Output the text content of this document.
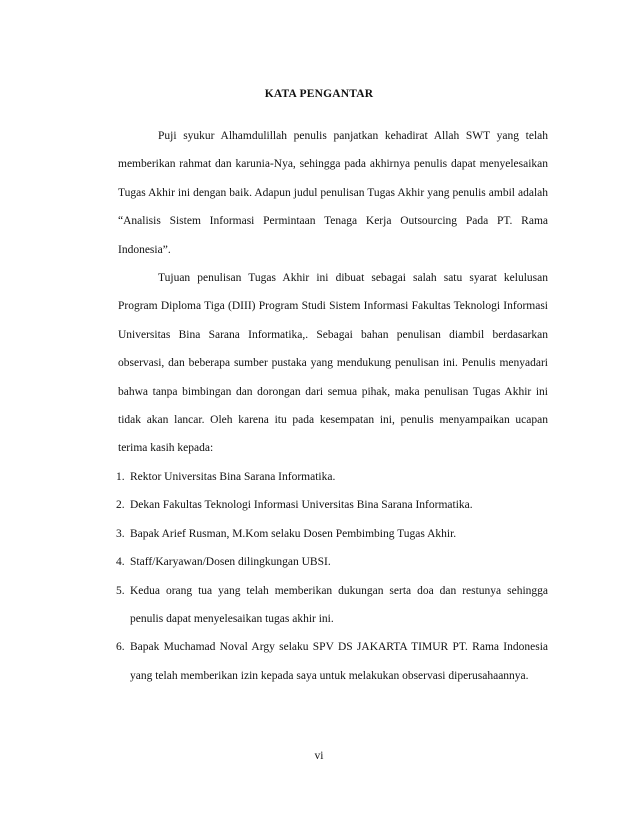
KATA PENGANTAR

Puji syukur Alhamdulillah penulis panjatkan kehadirat Allah SWT yang telah memberikan rahmat dan karunia-Nya, sehingga pada akhirnya penulis dapat menyelesaikan Tugas Akhir ini dengan baik. Adapun judul penulisan Tugas Akhir yang penulis ambil adalah “Analisis Sistem Informasi Permintaan Tenaga Kerja Outsourcing Pada PT. Rama Indonesia”.

Tujuan penulisan Tugas Akhir ini dibuat sebagai salah satu syarat kelulusan Program Diploma Tiga (DIII) Program Studi Sistem Informasi Fakultas Teknologi Informasi Universitas Bina Sarana Informatika,. Sebagai bahan penulisan diambil berdasarkan observasi, dan beberapa sumber pustaka yang mendukung penulisan ini. Penulis menyadari bahwa tanpa bimbingan dan dorongan dari semua pihak, maka penulisan Tugas Akhir ini tidak akan lancar. Oleh karena itu pada kesempatan ini, penulis menyampaikan ucapan terima kasih kepada:

1. Rektor Universitas Bina Sarana Informatika.
2. Dekan Fakultas Teknologi Informasi Universitas Bina Sarana Informatika.
3. Bapak Arief Rusman, M.Kom selaku Dosen Pembimbing Tugas Akhir.
4. Staff/Karyawan/Dosen dilingkungan UBSI.
5. Kedua orang tua yang telah memberikan dukungan serta doa dan restunya sehingga penulis dapat menyelesaikan tugas akhir ini.
6. Bapak Muchamad Noval Argy selaku SPV DS JAKARTA TIMUR PT. Rama Indonesia yang telah memberikan izin kepada saya untuk melakukan observasi diperusahaannya.
vi
